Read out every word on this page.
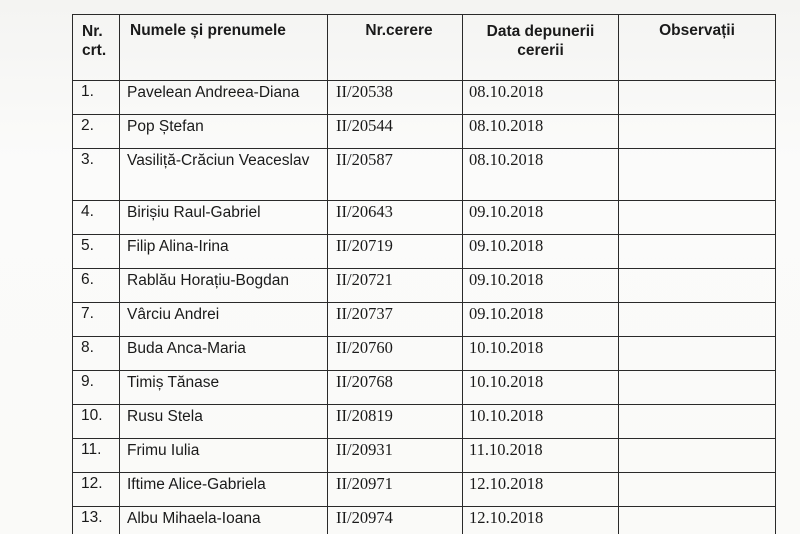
Nr. crt.	Numele și prenumele	Nr.cerere	Data depunerii cererii	Observații
1.	Pavelean Andreea-Diana	II/20538	08.10.2018	
2.	Pop Ștefan	II/20544	08.10.2018	
3.	Vasiliță-Crăciun Veaceslav	II/20587	08.10.2018	
4.	Birișiu Raul-Gabriel	II/20643	09.10.2018	
5.	Filip Alina-Irina	II/20719	09.10.2018	
6.	Rablău Horațiu-Bogdan	II/20721	09.10.2018	
7.	Vârciu Andrei	II/20737	09.10.2018	
8.	Buda Anca-Maria	II/20760	10.10.2018	
9.	Timiș Tănase	II/20768	10.10.2018	
10.	Rusu Stela	II/20819	10.10.2018	
11.	Frimu Iulia	II/20931	11.10.2018	
12.	Iftime Alice-Gabriela	II/20971	12.10.2018	
13.	Albu Mihaela-Ioana	II/20974	12.10.2018	
